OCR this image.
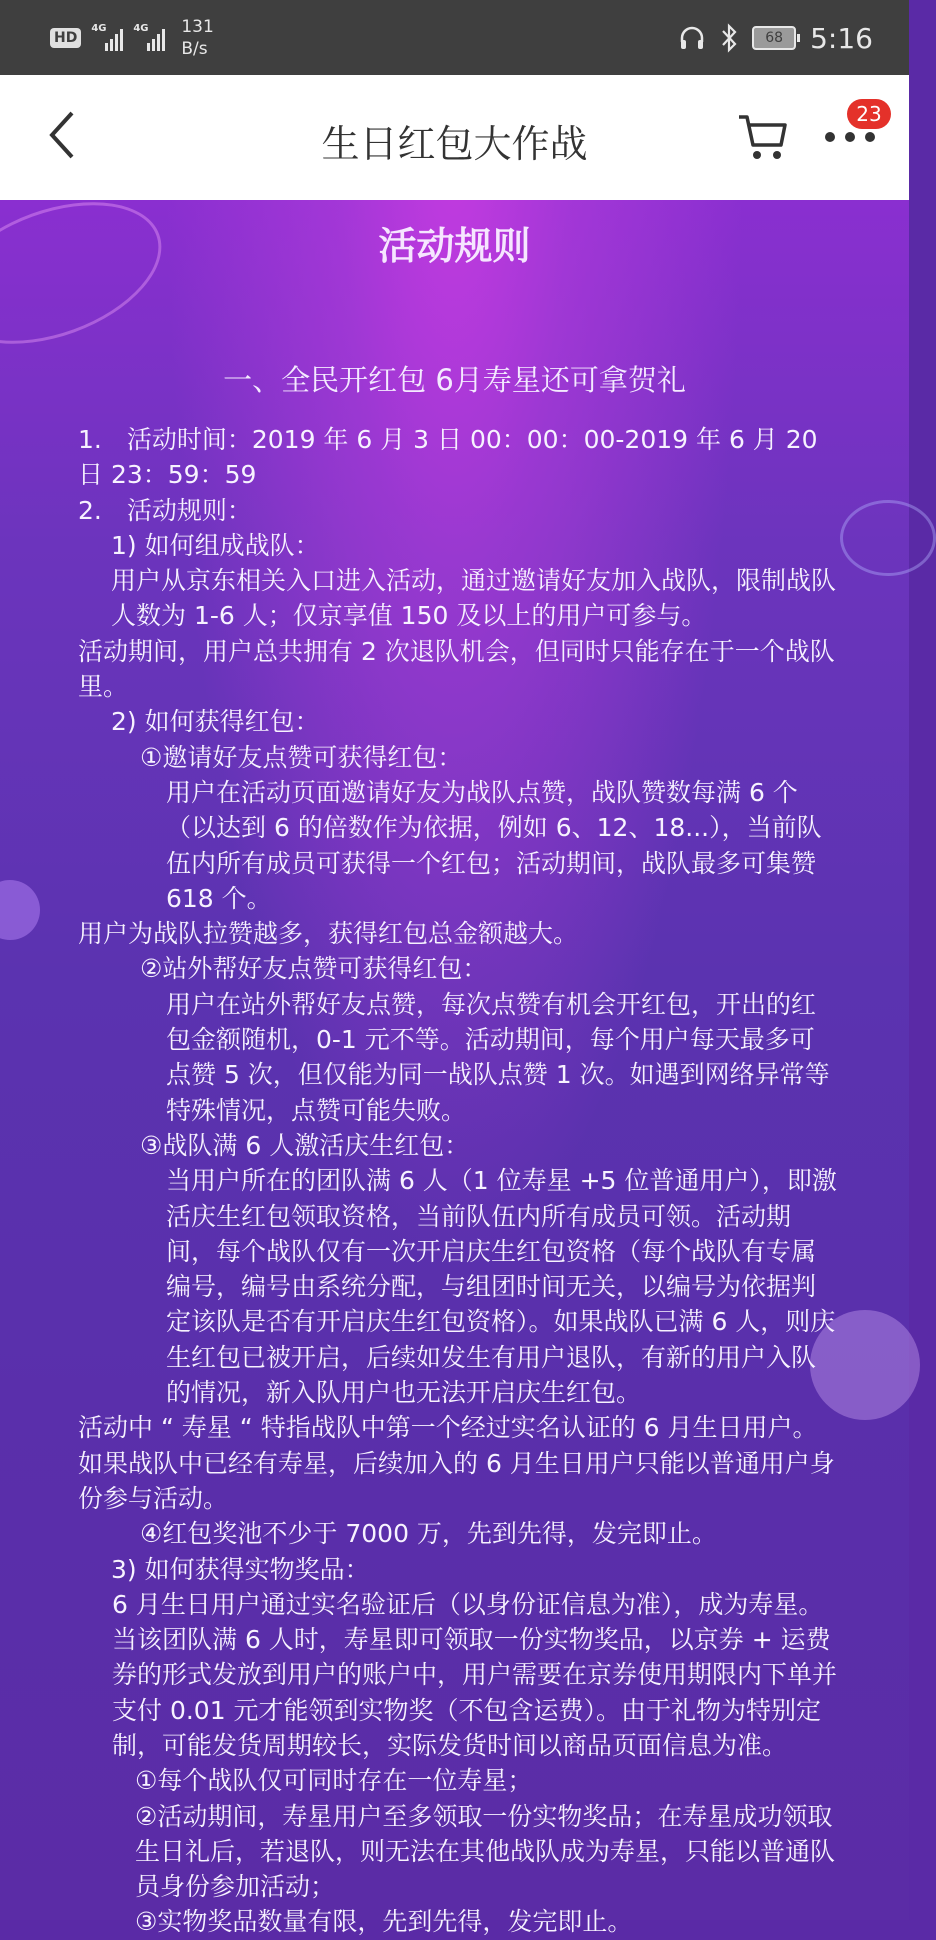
HD
4G	4G 131
B/s
68 5:16
生日红包大作战
23
活动规则
一、全民开红包 6月寿星还可拿贺礼

1.　活动时间：2019 年 6 月 3 日 00：00：00-2019 年 6 月 20 日 23：59：59

2.　活动规则：

1) 如何组成战队：

用户从京东相关入口进入活动，通过邀请好友加入战队，限制战队人数为 1-6 人；仅京享值 150 及以上的用户可参与。

活动期间，用户总共拥有 2 次退队机会，但同时只能存在于一个战队里。

2) 如何获得红包：

①邀请好友点赞可获得红包：

用户在活动页面邀请好友为战队点赞，战队赞数每满 6 个（以达到 6 的倍数作为依据，例如 6、12、18...），当前队伍内所有成员可获得一个红包；活动期间，战队最多可集赞 618 个。

用户为战队拉赞越多，获得红包总金额越大。

②站外帮好友点赞可获得红包：

用户在站外帮好友点赞，每次点赞有机会开红包，开出的红包金额随机，0-1 元不等。活动期间，每个用户每天最多可点赞 5 次，但仅能为同一战队点赞 1 次。如遇到网络异常等特殊情况，点赞可能失败。

③战队满 6 人激活庆生红包：

当用户所在的团队满 6 人（1 位寿星 +5 位普通用户），即激活庆生红包领取资格，当前队伍内所有成员可领。活动期间，每个战队仅有一次开启庆生红包资格（每个战队有专属编号，编号由系统分配，与组团时间无关，以编号为依据判定该队是否有开启庆生红包资格）。如果战队已满 6 人，则庆生红包已被开启，后续如发生有用户退队，有新的用户入队的情况，新入队用户也无法开启庆生红包。

活动中 “ 寿星 “ 特指战队中第一个经过实名认证的 6 月生日用户。如果战队中已经有寿星，后续加入的 6 月生日用户只能以普通用户身份参与活动。

④红包奖池不少于 7000 万，先到先得，发完即止。

3) 如何获得实物奖品：

6 月生日用户通过实名验证后（以身份证信息为准），成为寿星。当该团队满 6 人时，寿星即可领取一份实物奖品，以京券 + 运费券的形式发放到用户的账户中，用户需要在京券使用期限内下单并支付 0.01 元才能领到实物奖（不包含运费）。由于礼物为特别定制，可能发货周期较长，实际发货时间以商品页面信息为准。

①每个战队仅可同时存在一位寿星；

②活动期间，寿星用户至多领取一份实物奖品；在寿星成功领取生日礼后，若退队，则无法在其他战队成为寿星，只能以普通队员身份参加活动；

③实物奖品数量有限，先到先得，发完即止。
